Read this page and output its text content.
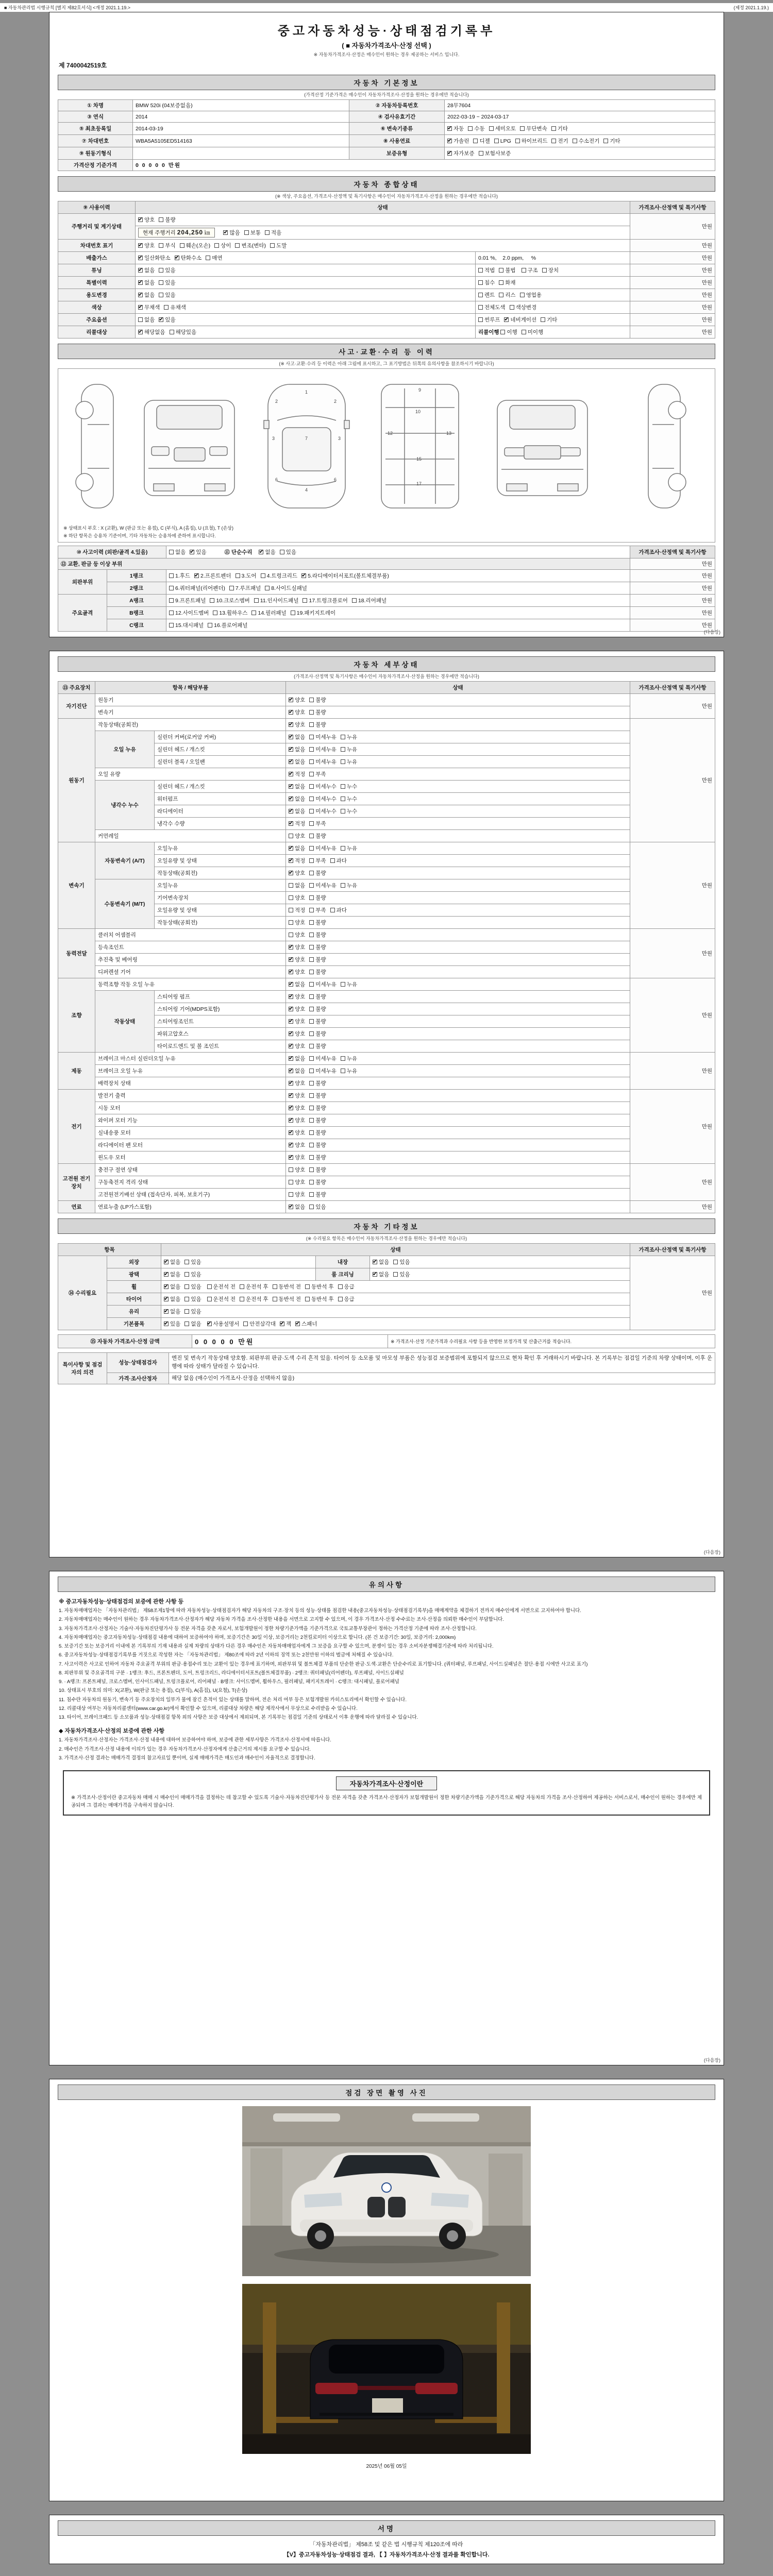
■ 자동차관리법 시행규칙 [별지 제82호서식] <개정 2021.1.19.>	(제정 2021.1.19.)
중고자동차성능·상태점검기록부
( ■ 자동차가격조사·산정 선택 )
※ 자동차가격조사·산정은 매수인이 원하는 경우 제공하는 서비스 입니다.
제 7400042519호
자동차 기본정보
(가격산정 기준가격은 매수인이 자동차가격조사·산정을 원하는 경우에만 적습니다)
① 차명	BMW 520i (04보증없음)	② 자동차등록번호	28무7604
③ 연식	2014	④ 검사유효기간	2022-03-19 ~ 2024-03-17
⑤ 최초등록일	2014-03-19	⑥ 변속기종류	✔자동 수동 세미오토 무단변속 기타
⑦ 차대번호	WBA5A5105ED514163	⑧ 사용연료	✔가솔린 디젤 LPG 하이브리드 전기 수소전기 기타
⑨ 원동기형식		보증유형	✔자가보증 보험사보증
가격산정 기준가격	0 0 0 0 0 만원		
자동차 종합상태
(※ 색상, 주요옵션, 가격조사·산정액 및 특기사항은 매수인이 자동차가격조사·산정을 원하는 경우에만 적습니다)
⑨ 사용이력	상태		가격조사·산정액 및 특기사항
주행거리 및 계기상태	✔양호 불량		만원
	현재 주행거리 204,250 ㎞ ✔ 많음 보통 적음
차대번호 표기	✔양호 부식 훼손(오손) 상이 변조(변타) 도말		만원
배출가스	✔일산화탄소 ✔ 탄화수소 매연	0.01 %,    2.0 ppm,     %	만원
튜닝	✔없음 있음	적법 불법 구조 장치	만원
특별이력	✔없음 있음	침수 화재	만원
용도변경	✔없음 있음	렌트 리스 영업용	만원
색상	✔무채색 유채색	전체도색 색상변경	만원
주요옵션	없음 ✔ 있음	썬루프 ✔ 네비게이션 기타	만원
리콜대상	✔해당없음 해당있음	리콜이행 이행 미이행	만원
사고·교환·수리 등 이력
(※ 사고·교환·수리 등 이력은 아래 그림에 표시하고, 그 표기방법은 뒤쪽의 유의사항을 참조하시기 바랍니다)
1
7
4
2	2
3	3
6	6
9
10
12	13
15
17
※ 상태표시 부호 : X (교환), W (판금 또는 용접), C (부식), A (흠집), U (요철), T (손상)
※ 하단 항목은 승용차 기준이며, 기타 자동차는 승용차에 준하여 표시합니다.
⑩ 사고이력 (외판/골격 4.있음)		없음 ✔ 있음 ⑪ 단순수리 ✔ 없음 있음	가격조사·산정액 및 특기사항
⑫ 교환, 판금 등 이상 부위			만원
외판부위	1랭크	1.후드 ✔ 2.프론트펜더 3.도어 4.트렁크리드 ✔ 5.라디에이터서포트(볼트체결부품)	만원
	2랭크	6.쿼터패널(리어펜더) 7.루프패널 8.사이드실패널	만원
주요골격	A랭크	9.프론트패널 10.크로스멤버 11.인사이드패널 17.트렁크플로어 18.리어패널	만원
	B랭크	12.사이드멤버 13.휠하우스 14.필러패널 19.패키지트레이	만원
	C랭크	15.대시패널 16.플로어패널	만원
(다음장)
자동차 세부상태
(가격조사·산정액 및 특기사항은 매수인이 자동차가격조사·산정을 원하는 경우에만 적습니다)
⑬ 주요장치	항목 / 해당부품		상태	가격조사·산정액 및 특기사항
자기진단	원동기	✔양호 불량	만원
	변속기	✔양호 불량
원동기	작동상태(공회전)	✔양호 불량	만원
	오일 누유	실린더 커버(로커암 커버)	✔없음 미세누유 누유
		실린더 헤드 / 개스킷	✔없음 미세누유 누유
		실린더 블록 / 오일팬	✔없음 미세누유 누유
	오일 유량	✔적정 부족
	냉각수 누수	실린더 헤드 / 개스킷	✔없음 미세누수 누수
		워터펌프	✔없음 미세누수 누수
		라디에이터	✔없음 미세누수 누수
		냉각수 수량	✔적정 부족
	커먼레일		양호 불량	
변속기	자동변속기 (A/T)	오일누유	✔없음 미세누유 누유	만원
		오일유량 및 상태	✔적정 부족 과다
		작동상태(공회전)	✔양호 불량
	수동변속기 (M/T)	오일누유	없음 미세누유 누유	
		기어변속장치	양호 불량	
		오일유량 및 상태	적정 부족 과다	
		작동상태(공회전)	양호 불량	
동력전달	클러치 어셈블리		양호 불량	만원
	등속조인트	✔양호 불량
	추진축 및 베어링	✔양호 불량
	디퍼렌셜 기어	✔양호 불량
조향	동력조향 작동 오일 누유	✔없음 미세누유 누유	만원
	작동상태	스티어링 펌프	✔양호 불량
		스티어링 기어(MDPS포함)	✔양호 불량
		스티어링조인트	✔양호 불량
		파워고압호스	✔양호 불량
		타이로드엔드 및 볼 조인트	✔양호 불량
제동	브레이크 마스터 실린더오일 누유	✔없음 미세누유 누유	만원
	브레이크 오일 누유	✔없음 미세누유 누유
	배력장치 상태	✔양호 불량
전기	발전기 출력	✔양호 불량	만원
	시동 모터	✔양호 불량
	와이퍼 모터 기능	✔양호 불량
	실내송풍 모터	✔양호 불량
	라디에이터 팬 모터	✔양호 불량
	윈도우 모터	✔양호 불량
고전원 전기장치	충전구 절연 상태		양호 불량	만원
	구동축전지 격리 상태		양호 불량	
	고전원전기배선 상태 (접속단자, 피복, 보호기구)		양호 불량	
연료	연료누출 (LP가스포함)	✔없음 있음	만원
자동차 기타정보
(※ 수리필요 항목은 매수인이 자동차가격조사·산정을 원하는 경우에만 적습니다)
항목		상태			가격조사·산정액 및 특기사항
⑭ 수리필요	외장	✔없음 있음	내장	✔없음 있음	만원
	광택	✔없음 있음	룸 크리닝	✔없음 있음
	휠	✔없음 있음 운전석 전 운전석 후 동반석 전 동반석 후 응급
	타이어	✔없음 있음 운전석 전 운전석 후 동반석 전 동반석 후 응급
	유리	✔없음 있음
	기본품목	✔있음 없음 ✔ 사용설명서 안전삼각대 ✔ 잭 ✔ 스패너
⑮ 자동차 가격조사·산정 금액	0 0 0 0 0 만원	※ 가격조사·산정 기준가격과 수리필요 사항 등을 반영한 보정가격 및 산출근거를 적습니다.
특이사항 및 점검자의 의견	성능·상태점검자	엔진 및 변속기 작동상태 양호함. 외판부위 판금·도색 수리 흔적 있음. 타이어 등 소모품 및 마모성 부품은 성능점검 보증범위에 포함되지 않으므로 현차 확인 후 거래하시기 바랍니다. 본 기록부는 점검일 기준의 차량 상태이며, 이후 운행에 따라 상태가 달라질 수 있습니다.
	가격·조사산정자	해당 없음 (매수인이 가격조사·산정을 선택하지 않음)
(다음장)
유의사항
※ 중고자동차성능·상태점검의 보증에 관한 사항 등
1. 자동차매매업자는 「자동차관리법」 제58조제1항에 따라 자동차성능·상태점검자가 해당 자동차의 구조·장치 등의 성능·상태를 점검한 내용(중고자동차성능·상태점검기록부)을 매매계약을 체결하기 전까지 매수인에게 서면으로 고지하여야 합니다.
2. 자동차매매업자는 매수인이 원하는 경우 자동차가격조사·산정자가 해당 자동차 가격을 조사·산정한 내용을 서면으로 고지할 수 있으며, 이 경우 가격조사·산정 수수료는 조사·산정을 의뢰한 매수인이 부담합니다.
3. 자동차가격조사·산정자는 기술사·자동차진단평가사 등 전문 자격을 갖춘 자로서, 보험개발원이 정한 차량기준가액을 기준가격으로 국토교통부장관이 정하는 가격산정 기준에 따라 조사·산정합니다.
4. 자동차매매업자는 중고자동차성능·상태점검 내용에 대하여 보증하여야 하며, 보증기간은 30일 이상, 보증거리는 2천킬로미터 이상으로 합니다. (본 건 보증기간: 30일, 보증거리: 2,000km)
5. 보증기간 또는 보증거리 이내에 본 기록부의 기재 내용과 실제 차량의 상태가 다른 경우 매수인은 자동차매매업자에게 그 보증을 요구할 수 있으며, 분쟁이 있는 경우 소비자분쟁해결기준에 따라 처리됩니다.
6. 중고자동차성능·상태점검기록부를 거짓으로 작성한 자는 「자동차관리법」 제80조에 따라 2년 이하의 징역 또는 2천만원 이하의 벌금에 처해질 수 있습니다.
7. 사고이력은 사고로 인하여 자동차 주요골격 부위의 판금·용접수리 또는 교환이 있는 경우에 표기하며, 외판부위 및 볼트체결 부품의 단순한 판금·도색·교환은 단순수리로 표기합니다. (쿼터패널, 루프패널, 사이드실패널은 절단·용접 시에만 사고로 표기)
8. 외판부위 및 주요골격의 구분 · 1랭크: 후드, 프론트펜더, 도어, 트렁크리드, 라디에이터서포트(볼트체결부품) · 2랭크: 쿼터패널(리어펜더), 루프패널, 사이드실패널
9. · A랭크: 프론트패널, 크로스멤버, 인사이드패널, 트렁크플로어, 리어패널 · B랭크: 사이드멤버, 휠하우스, 필러패널, 패키지트레이 · C랭크: 대시패널, 플로어패널
10. 상태표시 부호의 의미: X(교환), W(판금 또는 용접), C(부식), A(흠집), U(요철), T(손상)
11. 침수란 자동차의 원동기, 변속기 등 주요장치의 일부가 물에 잠긴 흔적이 있는 상태를 말하며, 전손 처리 여부 등은 보험개발원 카히스토리에서 확인할 수 있습니다.
12. 리콜대상 여부는 자동차리콜센터(www.car.go.kr)에서 확인할 수 있으며, 리콜대상 차량은 해당 제작사에서 무상으로 수리받을 수 있습니다.
13. 타이어, 브레이크패드 등 소모품과 성능·상태점검 항목 외의 사항은 보증 대상에서 제외되며, 본 기록부는 점검일 기준의 상태로서 이후 운행에 따라 달라질 수 있습니다.
◆ 자동차가격조사·산정의 보증에 관한 사항
1. 자동차가격조사·산정자는 가격조사·산정 내용에 대하여 보증하여야 하며, 보증에 관한 세부사항은 가격조사·산정서에 따릅니다.
2. 매수인은 가격조사·산정 내용에 이의가 있는 경우 자동차가격조사·산정자에게 산출근거의 제시를 요구할 수 있습니다.
3. 가격조사·산정 결과는 매매가격 결정의 참고자료일 뿐이며, 실제 매매가격은 매도인과 매수인이 자율적으로 결정합니다.
자동차가격조사·산정이란
※ 가격조사·산정이란 중고자동차 매매 시 매수인이 매매가격을 결정하는 데 참고할 수 있도록 기술사·자동차진단평가사 등 전문 자격을 갖춘 가격조사·산정자가 보험개발원이 정한 차량기준가액을 기준가격으로 해당 자동차의 가격을 조사·산정하여 제공하는 서비스로서, 매수인이 원하는 경우에만 제공되며 그 결과는 매매가격을 구속하지 않습니다.
(다음장)
점검 장면 촬영 사진
2025년 06월 05일
서명
「자동차관리법」 제58조 및 같은 법 시행규칙 제120조에 따라
【V】중고자동차성능·상태점검 결과, 【 】자동차가격조사·산정 결과를 확인합니다.
